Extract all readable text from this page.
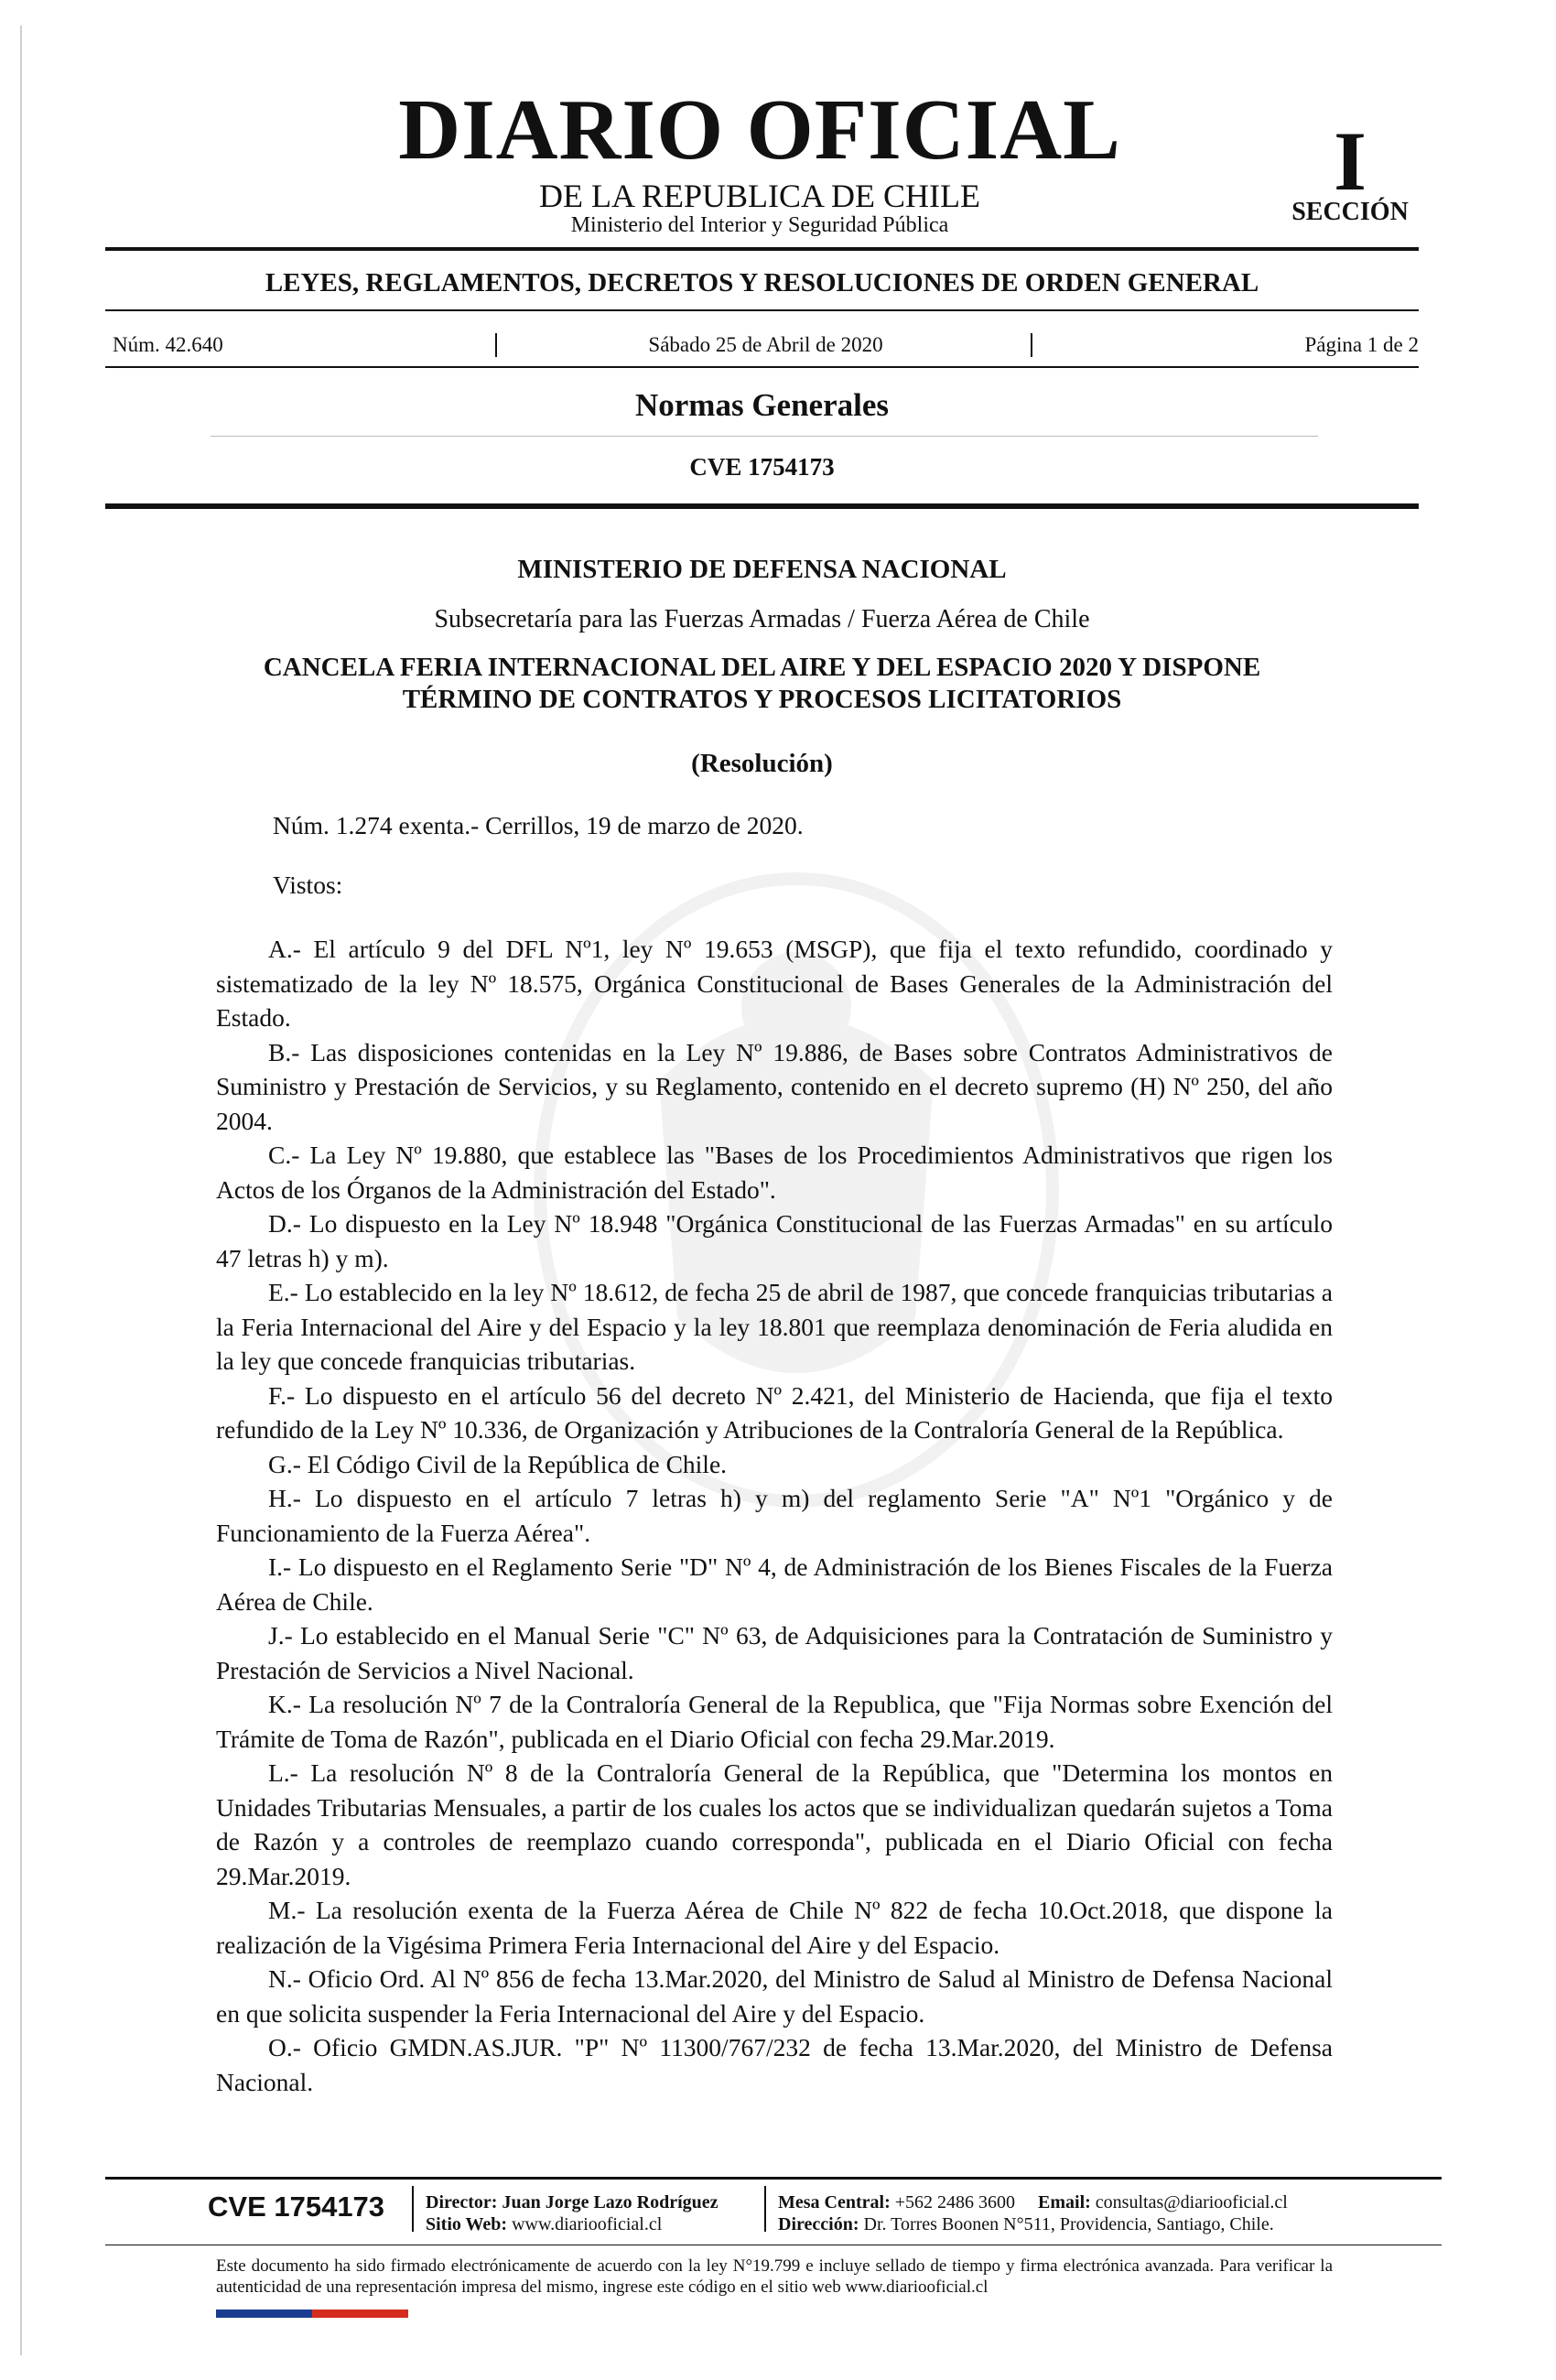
DIARIO OFICIAL
DE LA REPUBLICA DE CHILE
Ministerio del Interior y Seguridad Pública
I
SECCIÓN
LEYES, REGLAMENTOS, DECRETOS Y RESOLUCIONES DE ORDEN GENERAL
Núm. 42.640	Sábado 25 de Abril de 2020	Página 1 de 2
Normas Generales
CVE 1754173
MINISTERIO DE DEFENSA NACIONAL
Subsecretaría para las Fuerzas Armadas / Fuerza Aérea de Chile
CANCELA FERIA INTERNACIONAL DEL AIRE Y DEL ESPACIO 2020 Y DISPONE
TÉRMINO DE CONTRATOS Y PROCESOS LICITATORIOS
(Resolución)
Núm. 1.274 exenta.- Cerrillos, 19 de marzo de 2020.
Vistos:

A.- El artículo 9 del DFL Nº1, ley Nº 19.653 (MSGP), que fija el texto refundido, coordinado y sistematizado de la ley Nº 18.575, Orgánica Constitucional de Bases Generales de la Administración del Estado.

B.- Las disposiciones contenidas en la Ley Nº 19.886, de Bases sobre Contratos Administrativos de Suministro y Prestación de Servicios, y su Reglamento, contenido en el decreto supremo (H) Nº 250, del año 2004.

C.- La Ley Nº 19.880, que establece las "Bases de los Procedimientos Administrativos que rigen los Actos de los Órganos de la Administración del Estado".

D.- Lo dispuesto en la Ley Nº 18.948 "Orgánica Constitucional de las Fuerzas Armadas" en su artículo 47 letras h) y m).

E.- Lo establecido en la ley Nº 18.612, de fecha 25 de abril de 1987, que concede franquicias tributarias a la Feria Internacional del Aire y del Espacio y la ley 18.801 que reemplaza denominación de Feria aludida en la ley que concede franquicias tributarias.

F.- Lo dispuesto en el artículo 56 del decreto Nº 2.421, del Ministerio de Hacienda, que fija el texto refundido de la Ley Nº 10.336, de Organización y Atribuciones de la Contraloría General de la República.

G.- El Código Civil de la República de Chile.

H.- Lo dispuesto en el artículo 7 letras h) y m) del reglamento Serie "A" Nº1 "Orgánico y de Funcionamiento de la Fuerza Aérea".

I.- Lo dispuesto en el Reglamento Serie "D" Nº 4, de Administración de los Bienes Fiscales de la Fuerza Aérea de Chile.

J.- Lo establecido en el Manual Serie "C" Nº 63, de Adquisiciones para la Contratación de Suministro y Prestación de Servicios a Nivel Nacional.

K.- La resolución Nº 7 de la Contraloría General de la Republica, que "Fija Normas sobre Exención del Trámite de Toma de Razón", publicada en el Diario Oficial con fecha 29.Mar.2019.

L.- La resolución Nº 8 de la Contraloría General de la República, que "Determina los montos en Unidades Tributarias Mensuales, a partir de los cuales los actos que se individualizan quedarán sujetos a Toma de Razón y a controles de reemplazo cuando corresponda", publicada en el Diario Oficial con fecha 29.Mar.2019.

M.- La resolución exenta de la Fuerza Aérea de Chile Nº 822 de fecha 10.Oct.2018, que dispone la realización de la Vigésima Primera Feria Internacional del Aire y del Espacio.

N.- Oficio Ord. Al Nº 856 de fecha 13.Mar.2020, del Ministro de Salud al Ministro de Defensa Nacional en que solicita suspender la Feria Internacional del Aire y del Espacio.

O.- Oficio GMDN.AS.JUR. "P" Nº 11300/767/232 de fecha 13.Mar.2020, del Ministro de Defensa Nacional.

CVE 1754173 Director: Juan Jorge Lazo Rodríguez
Sitio Web: www.diariooficial.cl
Mesa Central: +562 2486 3600 Email: consultas@diariooficial.cl
Dirección: Dr. Torres Boonen N°511, Providencia, Santiago, Chile.
Este documento ha sido firmado electrónicamente de acuerdo con la ley N°19.799 e incluye sellado de tiempo y firma electrónica avanzada. Para verificar la autenticidad de una representación impresa del mismo, ingrese este código en el sitio web www.diariooficial.cl
